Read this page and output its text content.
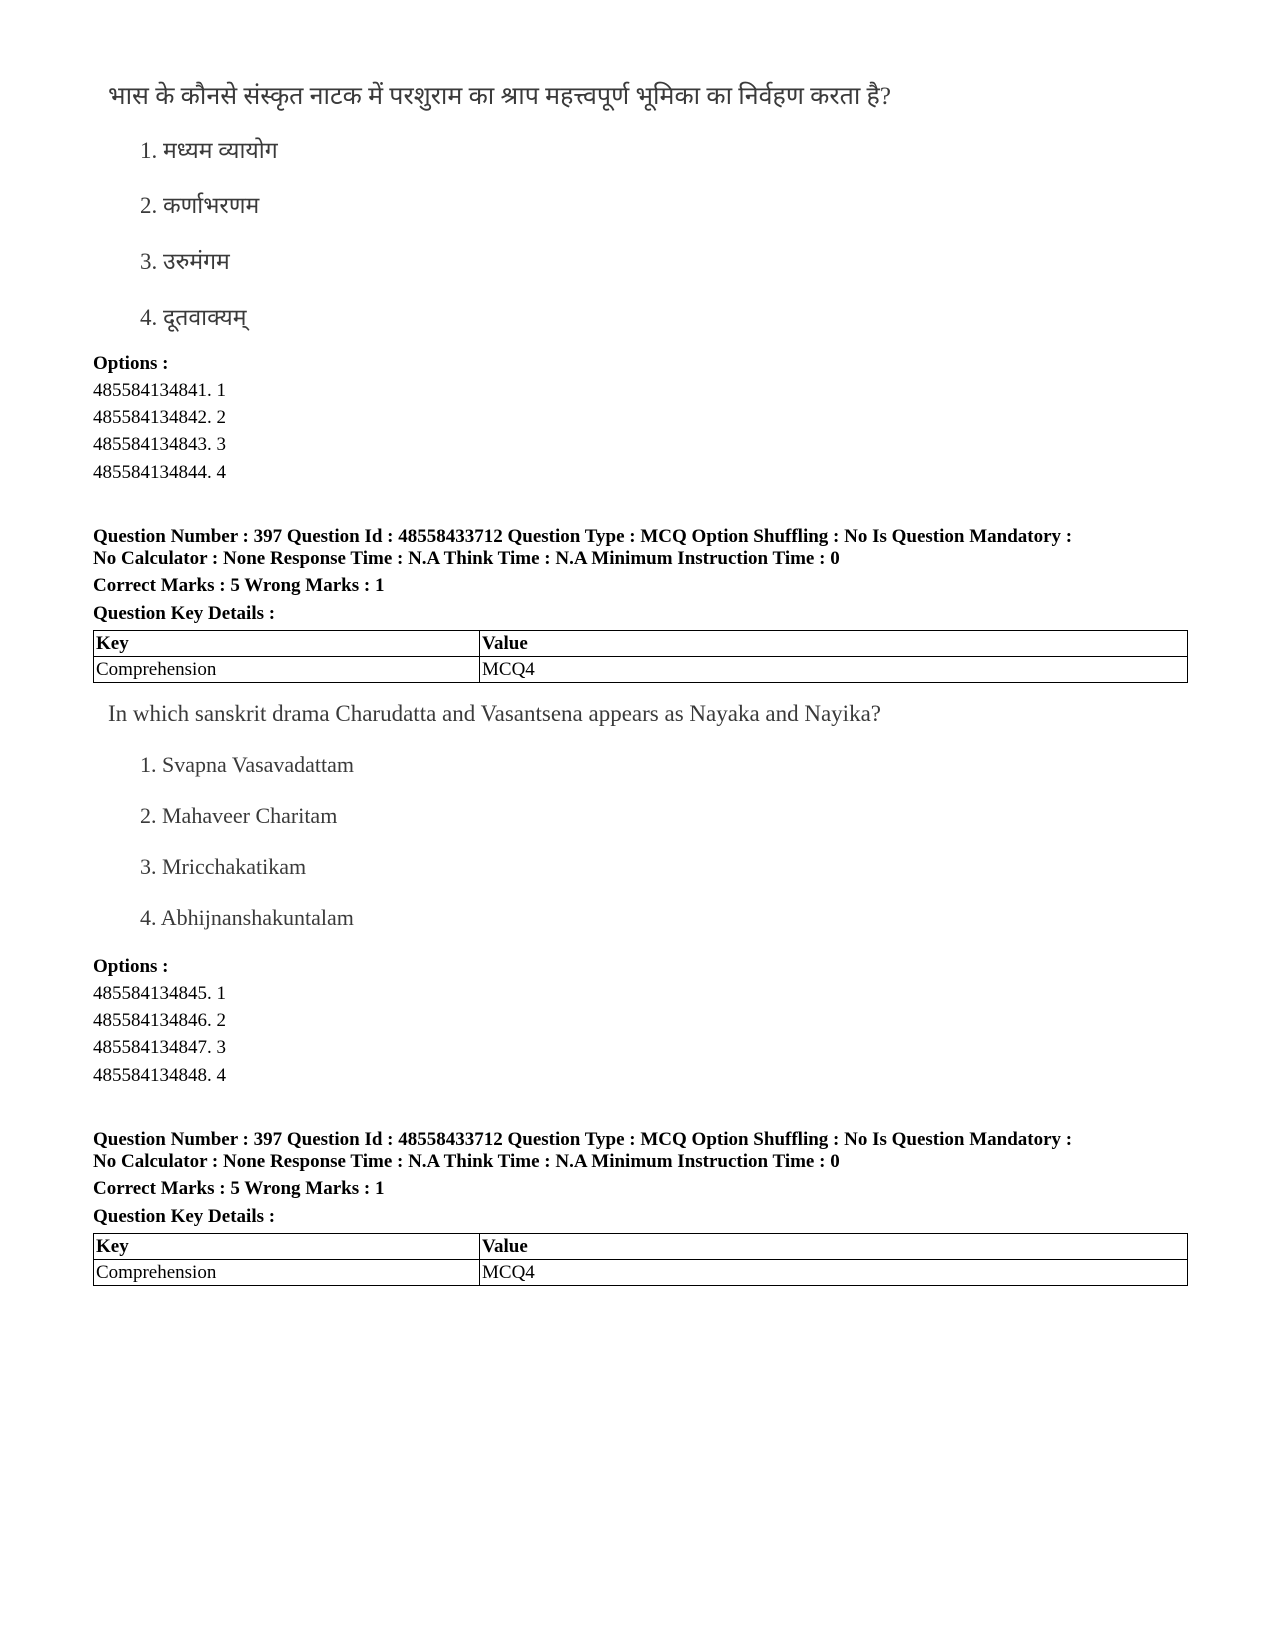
भास के कौनसे संस्कृत नाटक में परशुराम का श्राप महत्त्वपूर्ण भूमिका का निर्वहण करता है?
1. मध्यम व्यायोग
2. कर्णाभरणम
3. उरुमंगम
4. दूतवाक्यम्
Options :
485584134841. 1
485584134842. 2
485584134843. 3
485584134844. 4
Question Number : 397 Question Id : 48558433712 Question Type : MCQ Option Shuffling : No Is Question Mandatory :
No Calculator : None Response Time : N.A Think Time : N.A Minimum Instruction Time : 0
Correct Marks : 5 Wrong Marks : 1
Question Key Details :
Key	Value
Comprehension	MCQ4
In which sanskrit drama Charudatta and Vasantsena appears as Nayaka and Nayika?
1. Svapna Vasavadattam
2. Mahaveer Charitam
3. Mricchakatikam
4. Abhijnanshakuntalam
Options :
485584134845. 1
485584134846. 2
485584134847. 3
485584134848. 4
Question Number : 397 Question Id : 48558433712 Question Type : MCQ Option Shuffling : No Is Question Mandatory :
No Calculator : None Response Time : N.A Think Time : N.A Minimum Instruction Time : 0
Correct Marks : 5 Wrong Marks : 1
Question Key Details :
Key	Value
Comprehension	MCQ4
